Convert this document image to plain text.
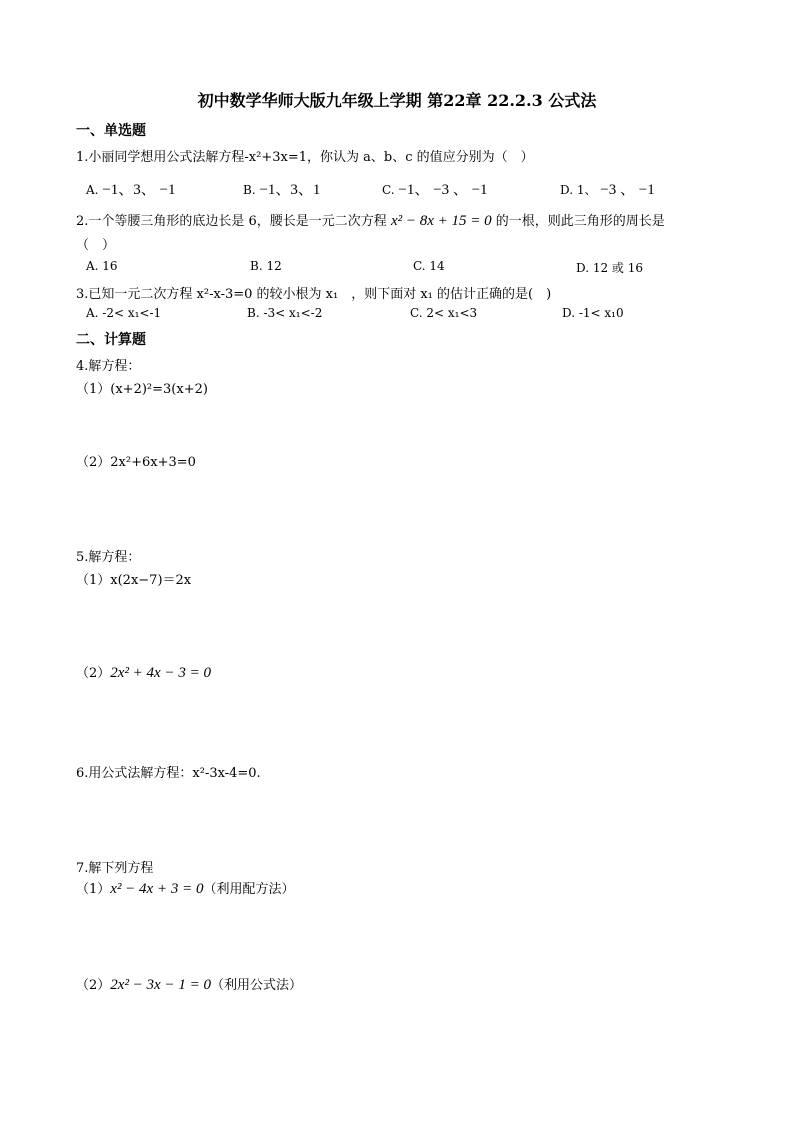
初中数学华师大版九年级上学期 第22章 22.2.3 公式法
一、单选题
1.小丽同学想用公式法解方程-x²+3x=1，你认为 a、b、c 的值应分别为（　）
A. −1、3、 −1	B. −1、3、1	C. −1、 −3 、 −1	D. 1、 −3 、 −1
2.一个等腰三角形的底边长是 6，腰长是一元二次方程 x² − 8x + 15 = 0 的一根，则此三角形的周长是
（　）
A. 16	B. 12	C. 14	D. 12 或 16
3.已知一元二次方程 x²-x-3=0 的较小根为 x₁　，则下面对 x₁ 的估计正确的是(　)
A. -2< x₁<-1	B. -3< x₁<-2	C. 2< x₁<3	D. -1< x₁0
二、计算题
4.解方程：
（1）(x+2)²=3(x+2)
（2）2x²+6x+3=0
5.解方程：
（1）x(2x−7)＝2x
（2）2x² + 4x − 3 = 0
6.用公式法解方程：x²-3x-4=0.
7.解下列方程
（1）x² − 4x + 3 = 0（利用配方法）
（2）2x² − 3x − 1 = 0（利用公式法）
